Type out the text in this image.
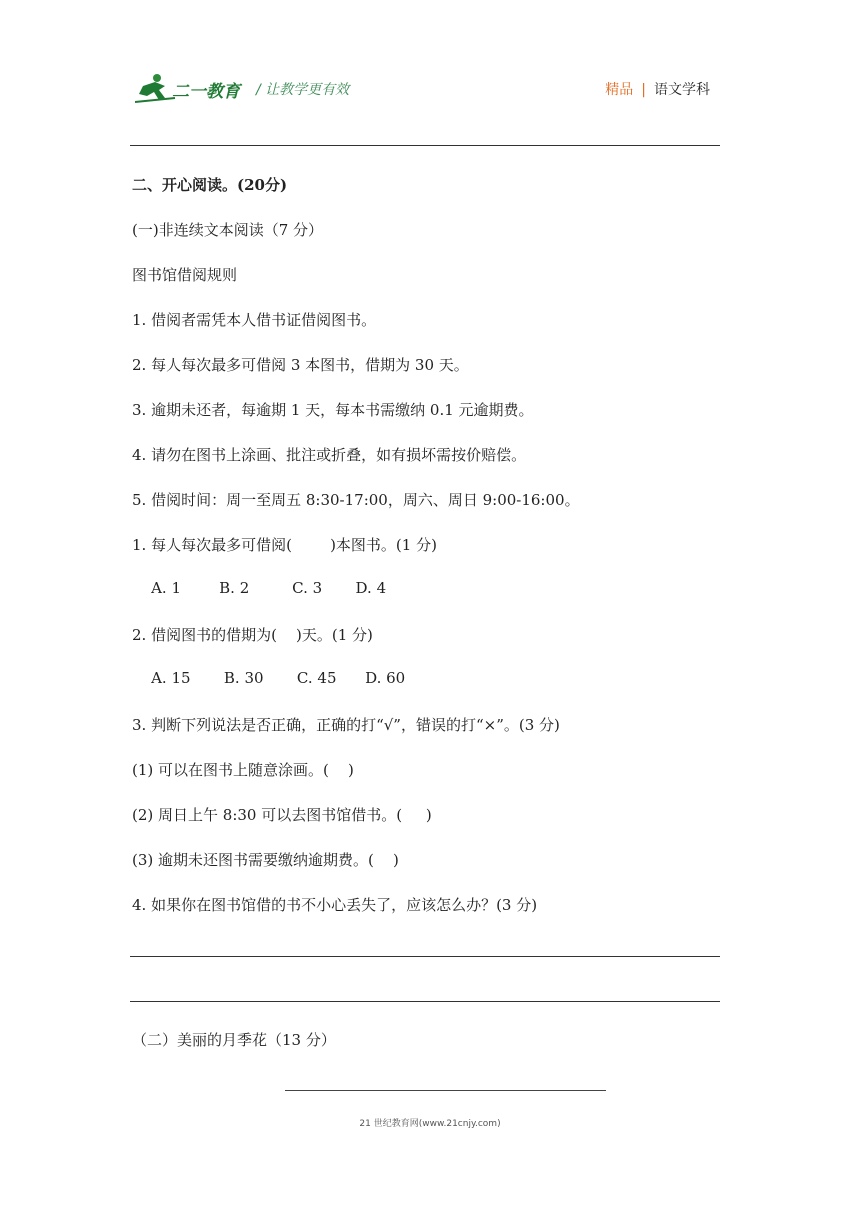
二一教育 / 让教学更有效	精品 | 语文学科
二、开心阅读。(20分)
(一)非连续文本阅读（7 分）
图书馆借阅规则
1. 借阅者需凭本人借书证借阅图书。
2. 每人每次最多可借阅 3 本图书，借期为 30 天。
3. 逾期未还者，每逾期 1 天，每本书需缴纳 0.1 元逾期费。
4. 请勿在图书上涂画、批注或折叠，如有损坏需按价赔偿。
5. 借阅时间：周一至周五 8:30-17:00，周六、周日 9:00-16:00。
1. 每人每次最多可借阅(        )本图书。(1 分)
A. 1        B. 2         C. 3       D. 4
2. 借阅图书的借期为(    )天。(1 分)
A. 15       B. 30       C. 45      D. 60
3. 判断下列说法是否正确，正确的打“√”，错误的打“×”。(3 分)
(1) 可以在图书上随意涂画。(    )
(2) 周日上午 8:30 可以去图书馆借书。(     )
(3) 逾期未还图书需要缴纳逾期费。(    )
4. 如果你在图书馆借的书不小心丢失了，应该怎么办？(3 分)
（二）美丽的月季花（13 分）
21 世纪教育网(www.21cnjy.com)
